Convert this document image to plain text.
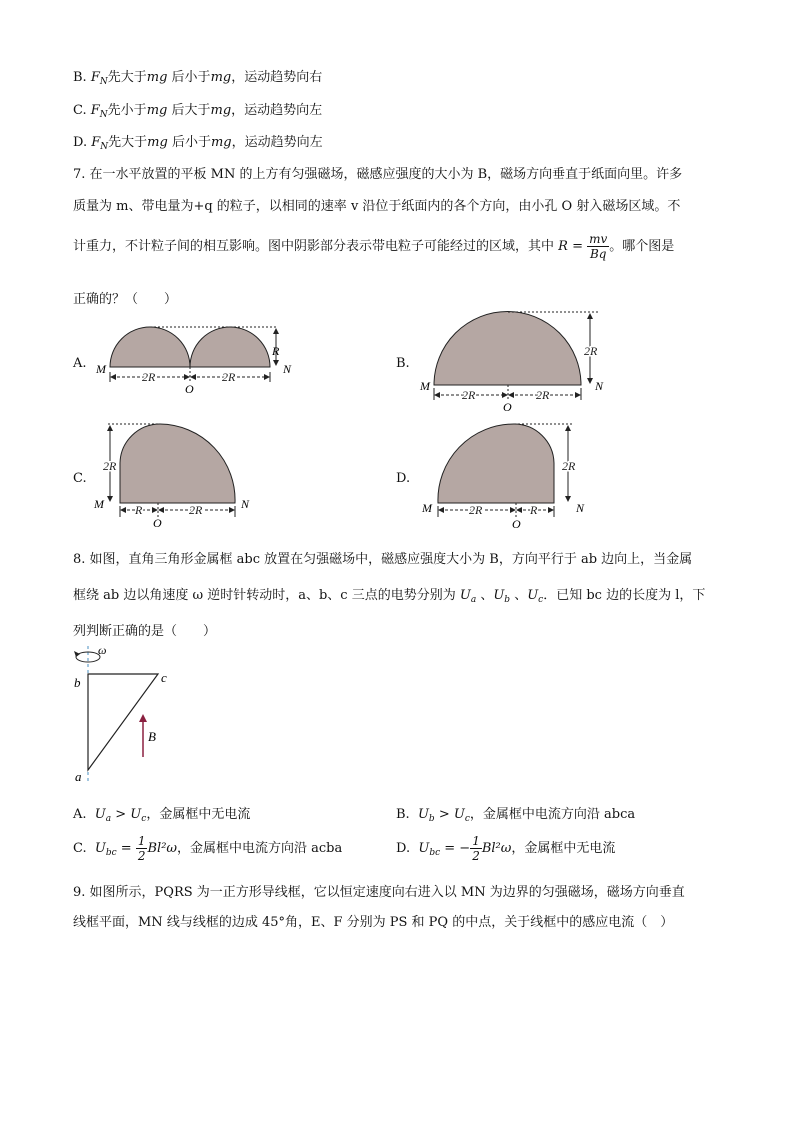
B. $F_N$先大于mg 后小于mg，运动趋势向右
C. $F_N$先小于mg 后大于mg，运动趋势向左
D. $F_N$先大于mg 后小于mg，运动趋势向左
7. 在一水平放置的平板 MN 的上方有匀强磁场，磁感应强度的大小为 B，磁场方向垂直于纸面向里。许多
质量为 m、带电量为+q 的粒子，以相同的速率 v 沿位于纸面内的各个方向，由小孔 O 射入磁场区域。不
计重力，不计粒子间的相互影响。图中阴影部分表示带电粒子可能经过的区域，其中 $R = \frac{mv}{Bq}$ 。哪个图是
正确的？（　　）
A. M	N
O
R
2R	2R
B.
M	N
O
2R
2R	2R
C.
M	N
O
2R
R	2R
D.
M	N
O
2R
2R	R
8. 如图，直角三角形金属框 abc 放置在匀强磁场中，磁感应强度大小为 B，方向平行于 ab 边向上，当金属
框绕 ab 边以角速度 ω 逆时针转动时，a、b、c 三点的电势分别为 $U_a$ 、$U_b$ 、$U_c$．已知 bc 边的长度为 l，下
列判断正确的是（　　）
ω
b	c
a
B
A. $U_a > U_c$，金属框中无电流	B. $U_b > U_c$，金属框中电流方向沿 abca
C. $U_{bc} = \frac{1}{2} Bl^2\omega$，金属框中电流方向沿 acba	D. $U_{bc}$ = − $\frac{1}{2} Bl^2\omega$，金属框中无电流
9. 如图所示，PQRS 为一正方形导线框，它以恒定速度向右进入以 MN 为边界的匀强磁场，磁场方向垂直
线框平面，MN 线与线框的边成 45°角，E、F 分别为 PS 和 PQ 的中点，关于线框中的感应电流（　）
